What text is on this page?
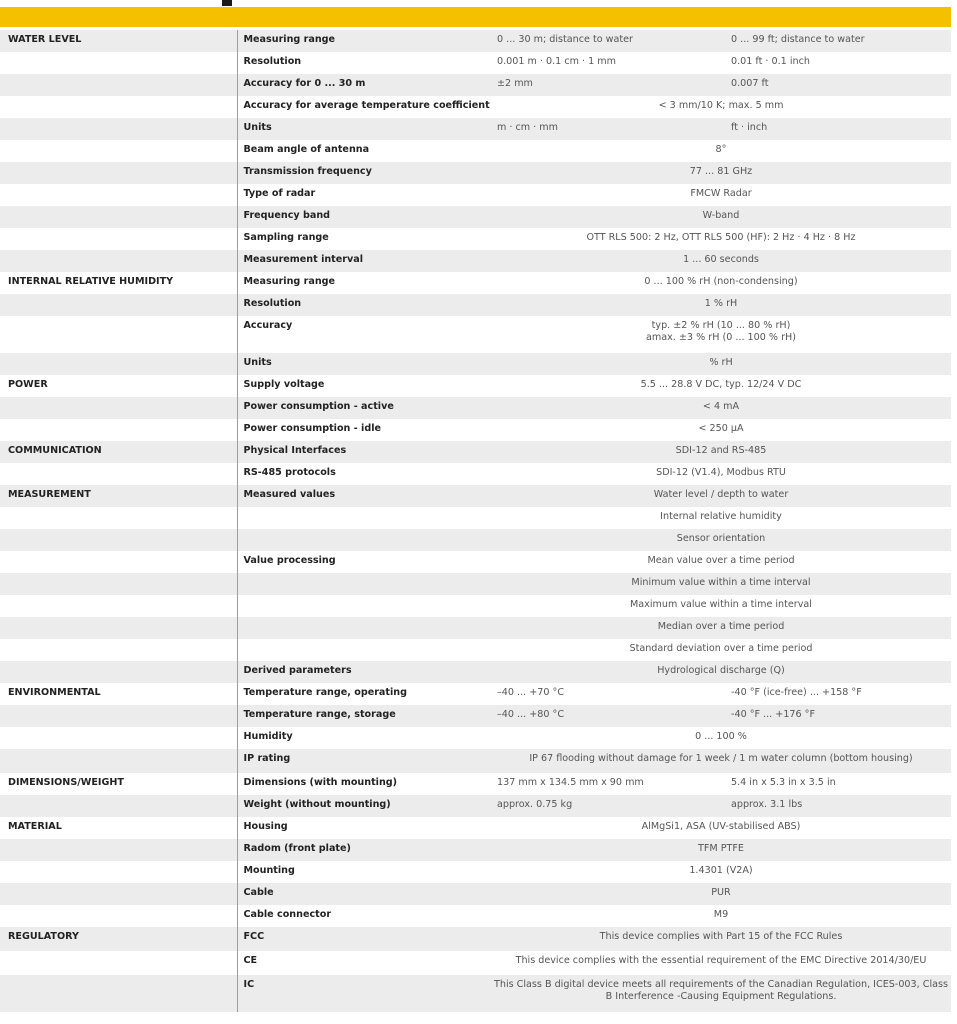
WATER LEVEL	Measuring range	0 ... 30 m; distance to water	0 ... 99 ft; distance to water
	Resolution	0.001 m · 0.1 cm · 1 mm	0.01 ft · 0.1 inch
	Accuracy for 0 ... 30 m	±2 mm	0.007 ft
	Accuracy for average temperature coefficient	< 3 mm/10 K; max. 5 mm	

	Units	m · cm · mm	ft · inch
	Beam angle of antenna	8°	

	Transmission frequency	77 ... 81 GHz	

	Type of radar	FMCW Radar	

	Frequency band	W-band	

	Sampling range	OTT RLS 500: 2 Hz, OTT RLS 500 (HF): 2 Hz · 4 Hz · 8 Hz	

	Measurement interval	1 ... 60 seconds	

INTERNAL RELATIVE HUMIDITY	Measuring range	0 ... 100 % rH (non-condensing)	

	Resolution	1 % rH	

	Accuracy	typ. ±2 % rH (10 ... 80 % rH)
amax. ±3 % rH (0 ... 100 % rH)	

	Units	% rH	

POWER	Supply voltage	5.5 ... 28.8 V DC, typ. 12/24 V DC	

	Power consumption - active	< 4 mA	

	Power consumption - idle	< 250 µA	

COMMUNICATION	Physical Interfaces	SDI-12 and RS-485	

	RS-485 protocols	SDI-12 (V1.4), Modbus RTU	

MEASUREMENT	Measured values	Water level / depth to water	

		Internal relative humidity	

		Sensor orientation	

	Value processing	Mean value over a time period	

		Minimum value within a time interval	

		Maximum value within a time interval	

		Median over a time period	

		Standard deviation over a time period	

	Derived parameters	Hydrological discharge (Q)	

ENVIRONMENTAL	Temperature range, operating	–40 ... +70 °C	-40 °F (ice-free) ... +158 °F
	Temperature range, storage	–40 ... +80 °C	-40 °F ... +176 °F
	Humidity	0 ... 100 %	

	IP rating	IP 67 flooding without damage for 1 week / 1 m water column (bottom housing)	

DIMENSIONS/WEIGHT	Dimensions (with mounting)	137 mm x 134.5 mm x 90 mm	5.4 in x 5.3 in x 3.5 in
	Weight (without mounting)	approx. 0.75 kg	approx. 3.1 lbs
MATERIAL	Housing	AlMgSi1, ASA (UV-stabilised ABS)	

	Radom (front plate)	TFM PTFE	

	Mounting	1.4301 (V2A)	

	Cable	PUR	

	Cable connector	M9	

REGULATORY	FCC	This device complies with Part 15 of the FCC Rules	

	CE	This device complies with the essential requirement of the EMC Directive 2014/30/EU	

	IC	This Class B digital device meets all requirements of the Canadian Regulation, ICES-003, Class
B Interference -Causing Equipment Regulations.	
